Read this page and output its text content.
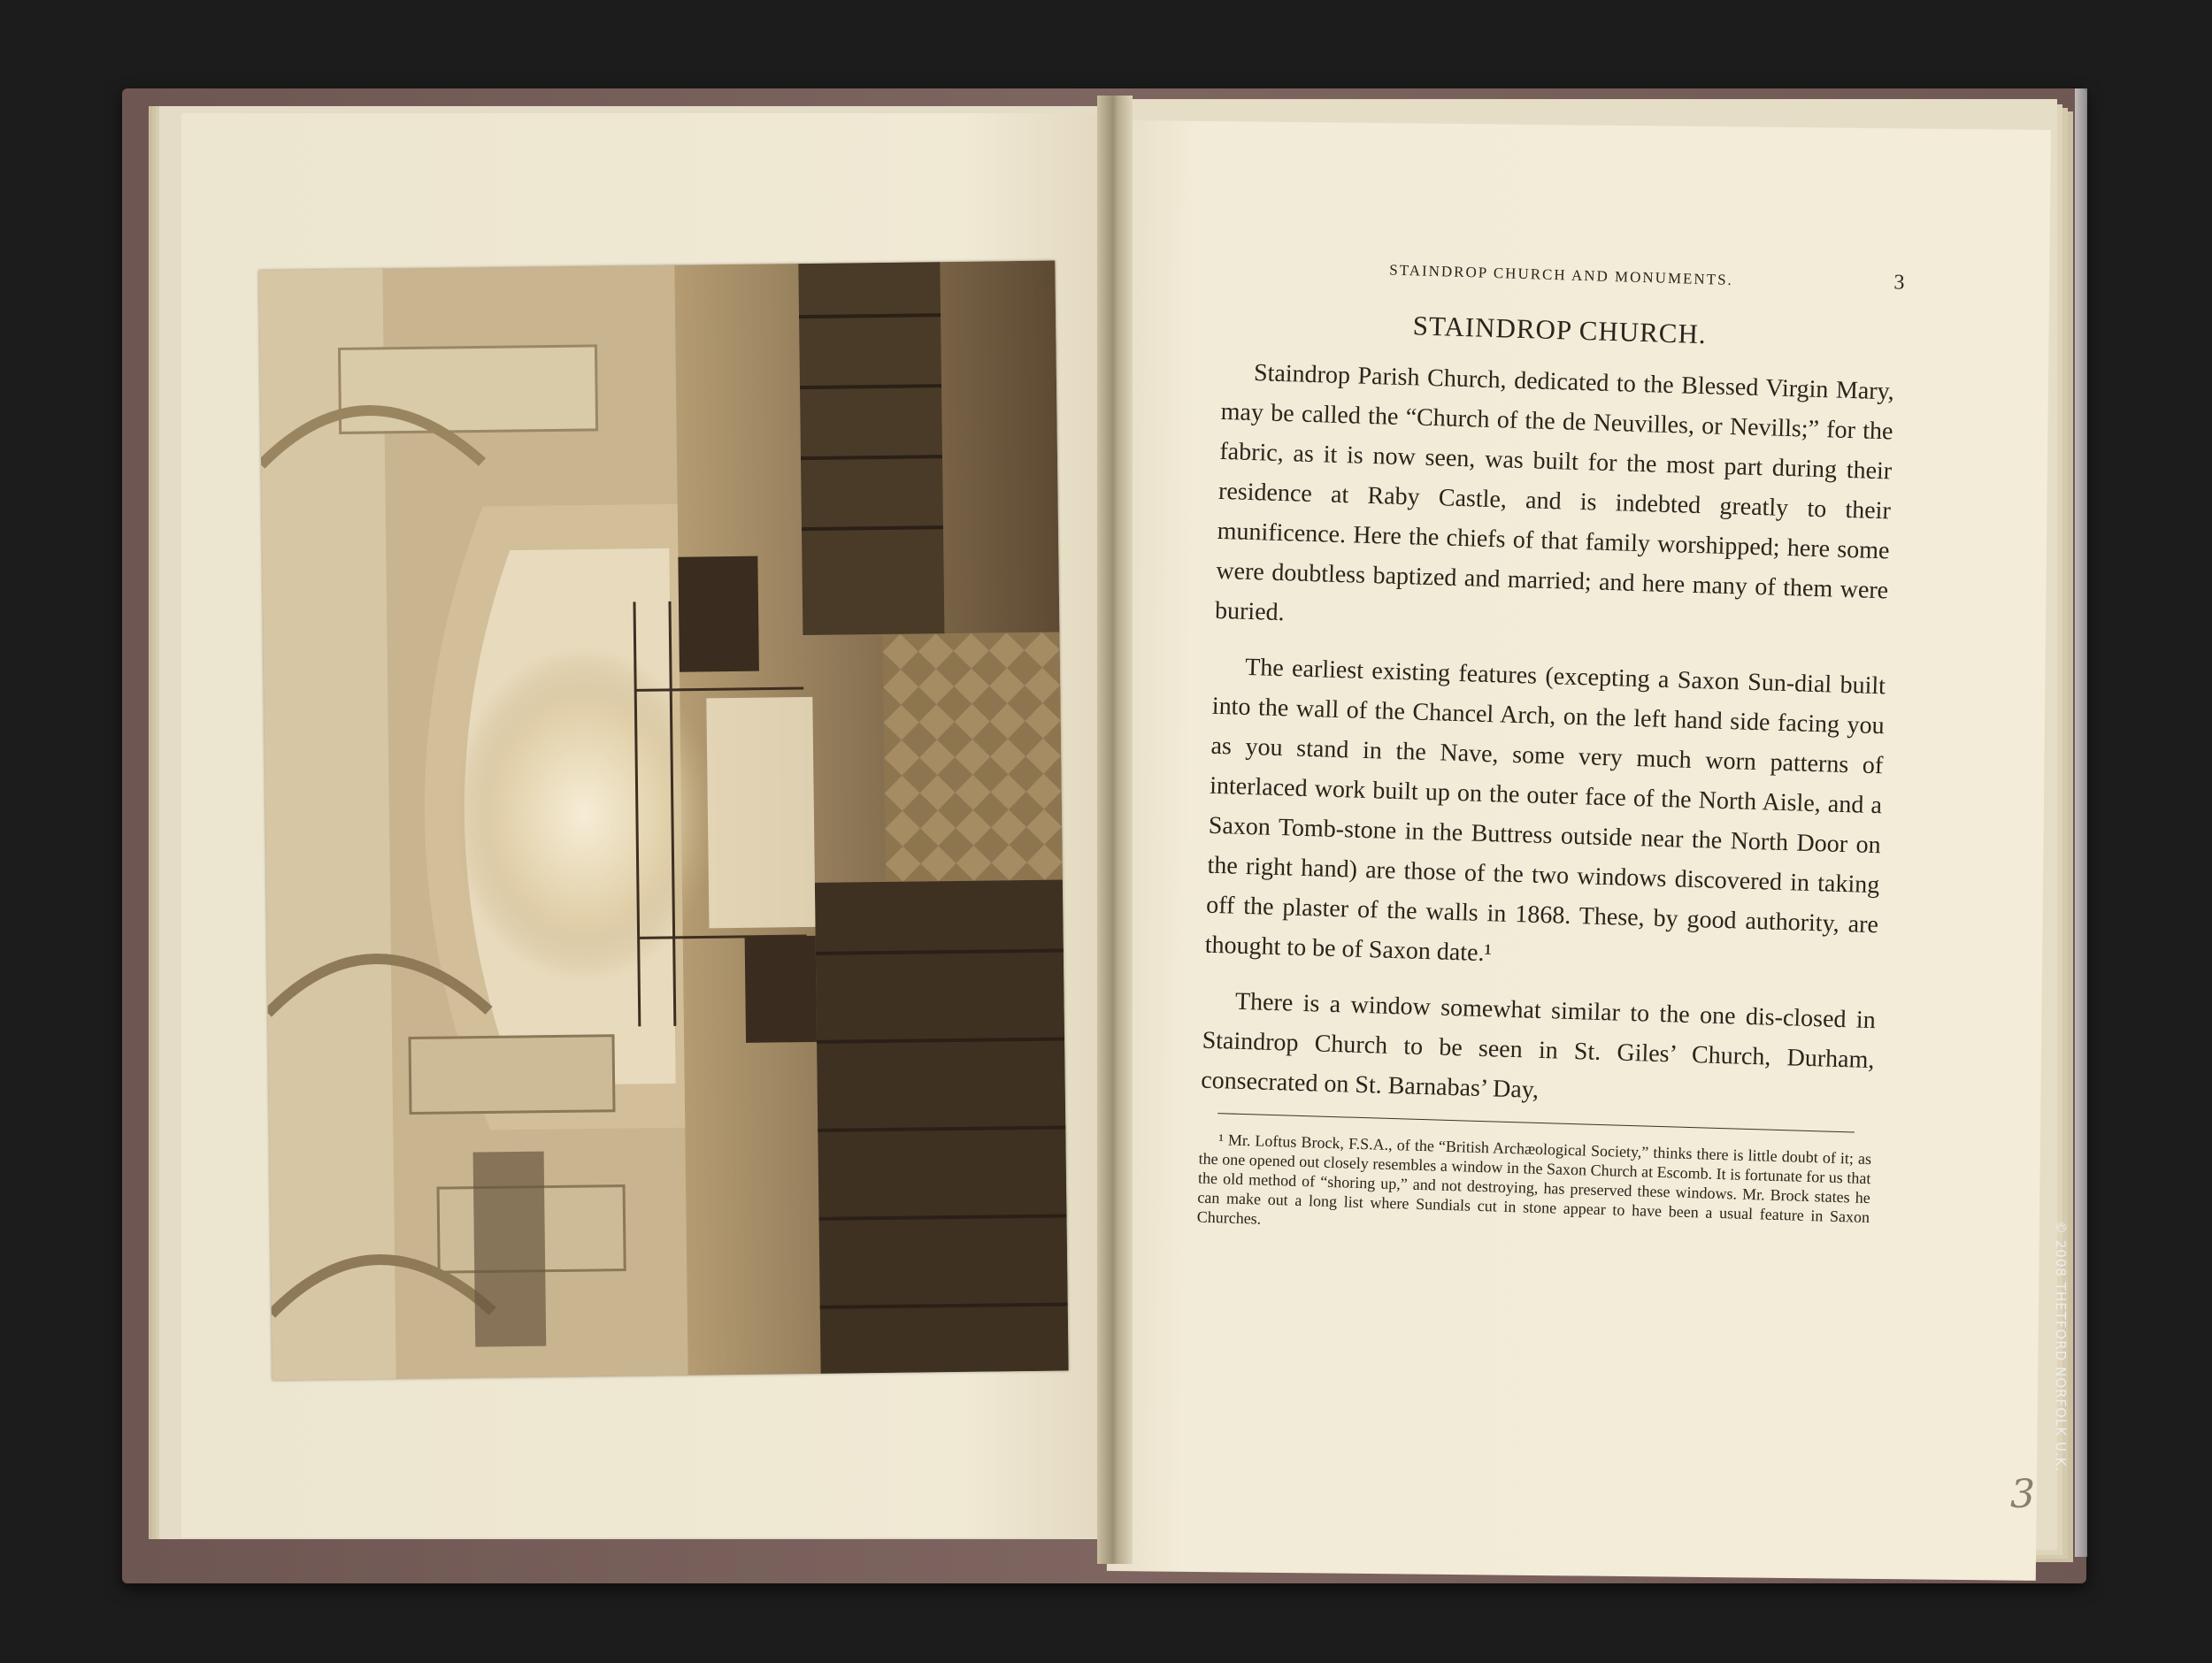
© 2008 THETFORD NORFOLK U.K.
STAINDROP CHURCH AND MONUMENTS.	3
STAINDROP CHURCH.

Staindrop Parish Church, dedicated to the Blessed Virgin Mary, may be called the “Church of the de Neuvilles, or Nevills;” for the fabric, as it is now seen, was built for the most part during their residence at Raby Castle, and is indebted greatly to their munificence. Here the chiefs of that family worshipped; here some were doubtless baptized and married; and here many of them were buried.

The earliest existing features (excepting a Saxon Sun-dial built into the wall of the Chancel Arch, on the left hand side facing you as you stand in the Nave, some very much worn patterns of interlaced work built up on the outer face of the North Aisle, and a Saxon Tomb-stone in the Buttress outside near the North Door on the right hand) are those of the two windows discovered in taking off the plaster of the walls in 1868. These, by good authority, are thought to be of Saxon date.¹

There is a window somewhat similar to the one dis-closed in Staindrop Church to be seen in St. Giles’ Church, Durham, consecrated on St. Barnabas’ Day,

¹ Mr. Loftus Brock, F.S.A., of the “British Archæological Society,” thinks there is little doubt of it; as the one opened out closely resembles a window in the Saxon Church at Escomb. It is fortunate for us that the old method of “shoring up,” and not destroying, has preserved these windows. Mr. Brock states he can make out a long list where Sundials cut in stone appear to have been a usual feature in Saxon Churches.

3
